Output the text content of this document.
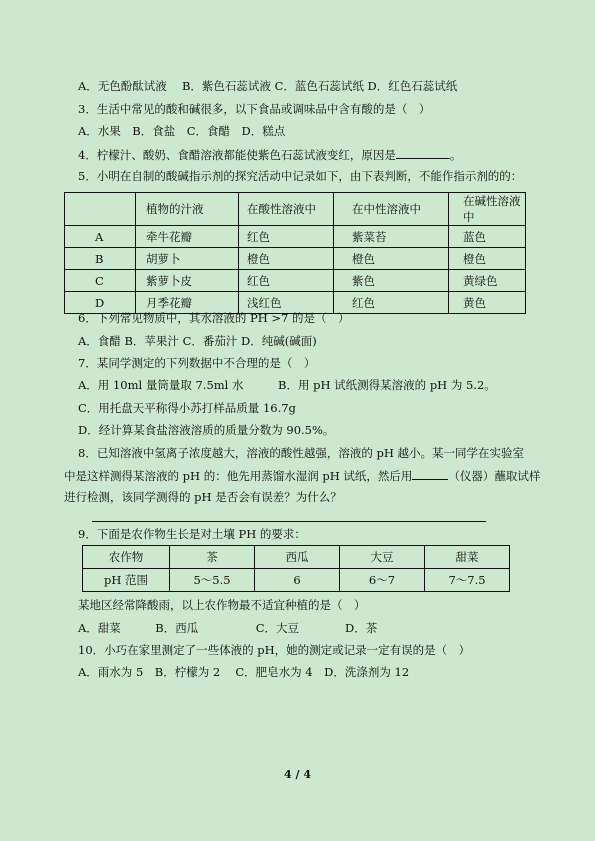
A．无色酚酞试液　 B．紫色石蕊试液 C．蓝色石蕊试纸 D．红色石蕊试纸
3．生活中常见的酸和碱很多，以下食品或调味品中含有酸的是（　）
A．水果　B．食盐　C．食醋　D．糕点
4．柠檬汁、酸奶、食醋溶液都能使紫色石蕊试液变红，原因是	。
5．小明在自制的酸碱指示剂的探究活动中记录如下，由下表判断，不能作指示剂的的：
	植物的汁液	在酸性溶液中	在中性溶液中	在碱性溶液中
A	牵牛花瓣	红色	紫菜苔	蓝色
B	胡萝卜	橙色	橙色	橙色
C	紫萝卜皮	红色	紫色	黄绿色
D	月季花瓣	浅红色	红色	黄色
6．下列常见物质中，其水溶液的 PH >7 的是（　）
A．食醋 B．苹果汁 C．番茄汁 D．纯碱(碱面)
7．某同学测定的下列数据中不合理的是（　）
A．用 10ml 量筒量取 7.5ml 水　　　B．用 pH 试纸测得某溶液的 pH 为 5.2。
C．用托盘天平称得小苏打样品质量 16.7g
D．经计算某食盐溶液溶质的质量分数为 90.5%。
8．已知溶液中氢离子浓度越大，溶液的酸性越强，溶液的 pH 越小。某一同学在实验室
中是这样测得某溶液的 pH 的：他先用蒸馏水湿润 pH 试纸，然后用	（仪器）蘸取试样
进行检测，该同学测得的 pH 是否会有误差？为什么？
9．下面是农作物生长是对土壤 PH 的要求：
农作物	茶	西瓜	大豆	甜菜
pH 范围	5～5.5	6	6～7	7～7.5
某地区经常降酸雨，以上农作物最不适宜种植的是（　）
A．甜菜　　　B．西瓜　　　　　C．大豆　　　　D．茶
10．小巧在家里测定了一些体液的 pH，她的测定或记录一定有误的是（　）
A．雨水为 5　B．柠檬为 2　 C．肥皂水为 4　D．洗涤剂为 12
4 / 4
